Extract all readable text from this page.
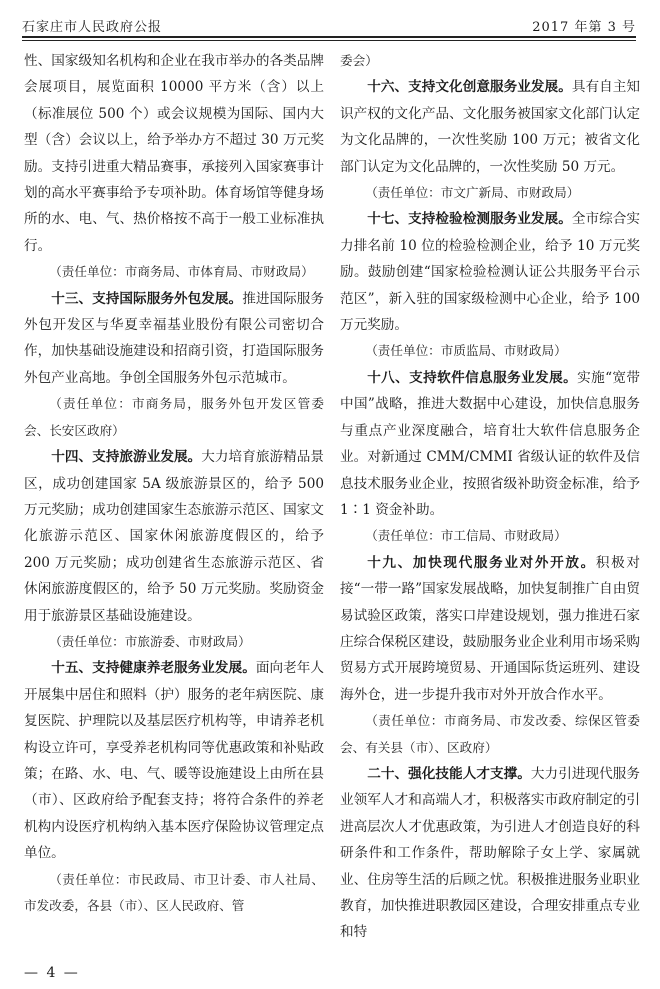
石家庄市人民政府公报	2017 年第 3 号

性、国家级知名机构和企业在我市举办的各类品牌会展项目，展览面积 10000 平方米（含）以上（标准展位 500 个）或会议规模为国际、国内大型（含）会议以上，给予举办方不超过 30 万元奖励。支持引进重大精品赛事，承接列入国家赛事计划的高水平赛事给予专项补助。体育场馆等健身场所的水、电、气、热价格按不高于一般工业标准执行。

（责任单位：市商务局、市体育局、市财政局）

十三、支持国际服务外包发展。推进国际服务外包开发区与华夏幸福基业股份有限公司密切合作，加快基础设施建设和招商引资，打造国际服务外包产业高地。争创全国服务外包示范城市。

（责任单位：市商务局，服务外包开发区管委会、长安区政府）

十四、支持旅游业发展。大力培育旅游精品景区，成功创建国家 5A 级旅游景区的，给予 500 万元奖励；成功创建国家生态旅游示范区、国家文化旅游示范区、国家休闲旅游度假区的，给予 200 万元奖励；成功创建省生态旅游示范区、省休闲旅游度假区的，给予 50 万元奖励。奖励资金用于旅游景区基础设施建设。

（责任单位：市旅游委、市财政局）

十五、支持健康养老服务业发展。面向老年人开展集中居住和照料（护）服务的老年病医院、康复医院、护理院以及基层医疗机构等，申请养老机构设立许可，享受养老机构同等优惠政策和补贴政策；在路、水、电、气、暖等设施建设上由所在县（市）、区政府给予配套支持；将符合条件的养老机构内设医疗机构纳入基本医疗保险协议管理定点单位。

（责任单位：市民政局、市卫计委、市人社局、市发改委，各县（市）、区人民政府、管

委会）

十六、支持文化创意服务业发展。具有自主知识产权的文化产品、文化服务被国家文化部门认定为文化品牌的，一次性奖励 100 万元；被省文化部门认定为文化品牌的，一次性奖励 50 万元。

（责任单位：市文广新局、市财政局）

十七、支持检验检测服务业发展。全市综合实力排名前 10 位的检验检测企业，给予 10 万元奖励。鼓励创建“国家检验检测认证公共服务平台示范区”，新入驻的国家级检测中心企业，给予 100 万元奖励。

（责任单位：市质监局、市财政局）

十八、支持软件信息服务业发展。实施“宽带中国”战略，推进大数据中心建设，加快信息服务与重点产业深度融合，培育壮大软件信息服务企业。对新通过 CMM/CMMI 省级认证的软件及信息技术服务业企业，按照省级补助资金标准，给予 1∶1 资金补助。

（责任单位：市工信局、市财政局）

十九、加快现代服务业对外开放。积极对接“一带一路”国家发展战略，加快复制推广自由贸易试验区政策，落实口岸建设规划，强力推进石家庄综合保税区建设，鼓励服务业企业利用市场采购贸易方式开展跨境贸易、开通国际货运班列、建设海外仓，进一步提升我市对外开放合作水平。

（责任单位：市商务局、市发改委、综保区管委会、有关县（市）、区政府）

二十、强化技能人才支撑。大力引进现代服务业领军人才和高端人才，积极落实市政府制定的引进高层次人才优惠政策，为引进人才创造良好的科研条件和工作条件，帮助解除子女上学、家属就业、住房等生活的后顾之忧。积极推进服务业职业教育，加快推进职教园区建设，合理安排重点专业和特

— 4 —
